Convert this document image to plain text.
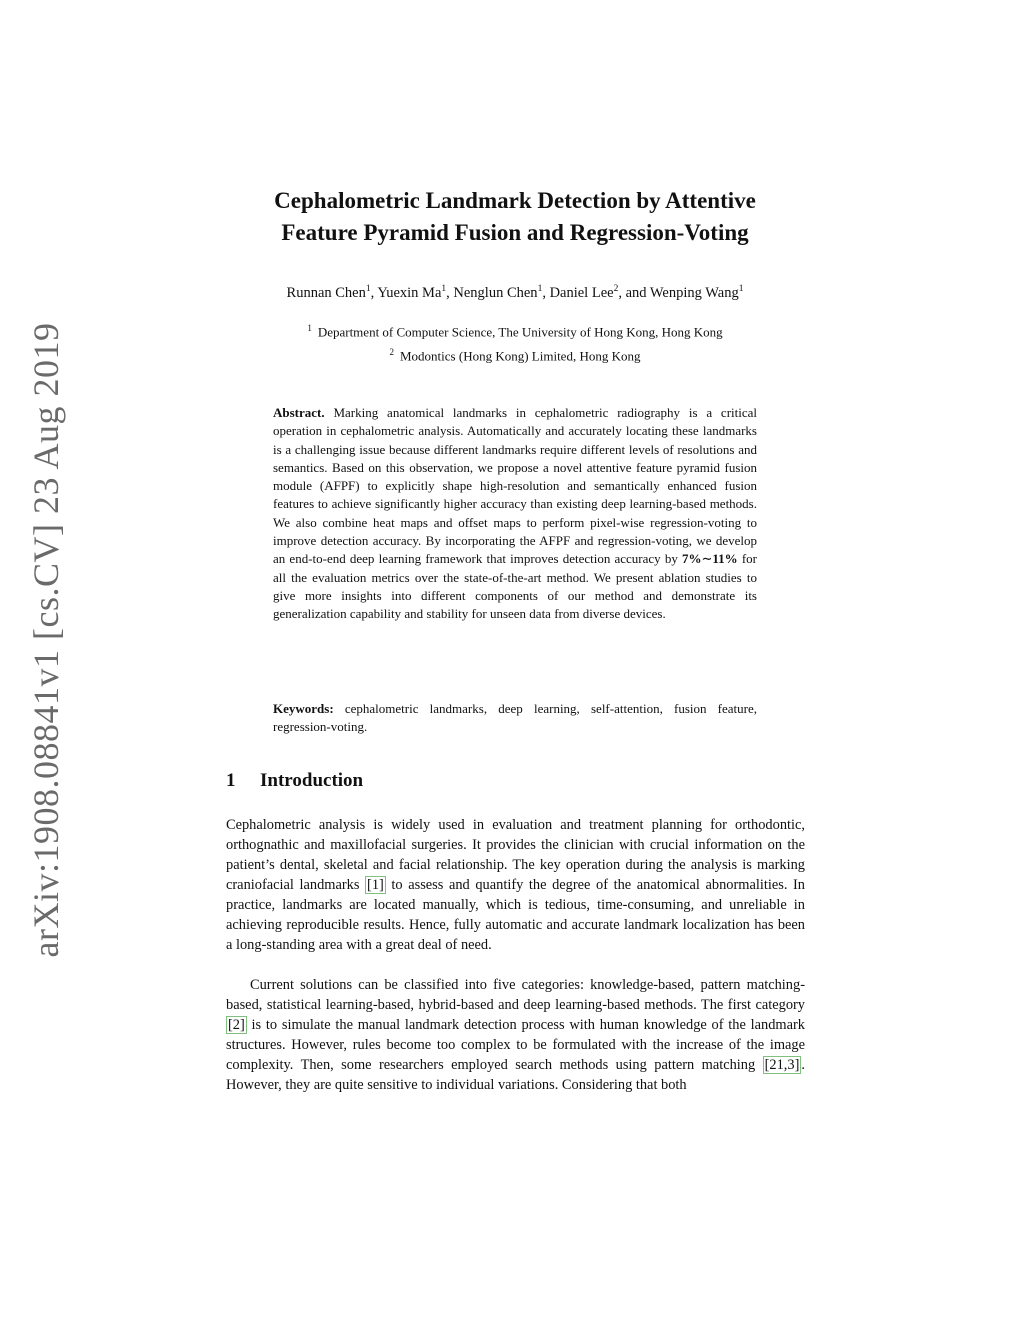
arXiv:1908.08841v1 [cs.CV] 23 Aug 2019
Cephalometric Landmark Detection by Attentive
Feature Pyramid Fusion and Regression-Voting
Runnan Chen$^1$, Yuexin Ma$^1$, Nenglun Chen$^1$, Daniel Lee$^2$, and Wenping Wang$^1$
$^1$ Department of Computer Science, The University of Hong Kong, Hong Kong
$^2$ Modontics (Hong Kong) Limited, Hong Kong
Abstract. Marking anatomical landmarks in cephalometric radiography is a critical operation in cephalometric analysis. Automatically and accurately locating these landmarks is a challenging issue because different landmarks require different levels of resolutions and semantics. Based on this observation, we propose a novel attentive feature pyramid fusion module (AFPF) to explicitly shape high-resolution and semantically enhanced fusion features to achieve significantly higher accuracy than existing deep learning-based methods. We also combine heat maps and offset maps to perform pixel-wise regression-voting to improve detection accuracy. By incorporating the AFPF and regression-voting, we develop an end-to-end deep learning framework that improves detection accuracy by 7%∼11% for all the evaluation metrics over the state-of-the-art method. We present ablation studies to give more insights into different components of our method and demonstrate its generalization capability and stability for unseen data from diverse devices.
Keywords: cephalometric landmarks, deep learning, self-attention, fusion feature, regression-voting.
1 Introduction
Cephalometric analysis is widely used in evaluation and treatment planning for orthodontic, orthognathic and maxillofacial surgeries. It provides the clinician with crucial information on the patient’s dental, skeletal and facial relationship. The key operation during the analysis is marking craniofacial landmarks [1] to assess and quantify the degree of the anatomical abnormalities. In practice, landmarks are located manually, which is tedious, time-consuming, and unreliable in achieving reproducible results. Hence, fully automatic and accurate landmark localization has been a long-standing area with a great deal of need.
Current solutions can be classified into five categories: knowledge-based, pattern matching-based, statistical learning-based, hybrid-based and deep learning-based methods. The first category [2] is to simulate the manual landmark detection process with human knowledge of the landmark structures. However, rules become too complex to be formulated with the increase of the image complexity. Then, some researchers employed search methods using pattern matching [21,3] . However, they are quite sensitive to individual variations. Considering that both
